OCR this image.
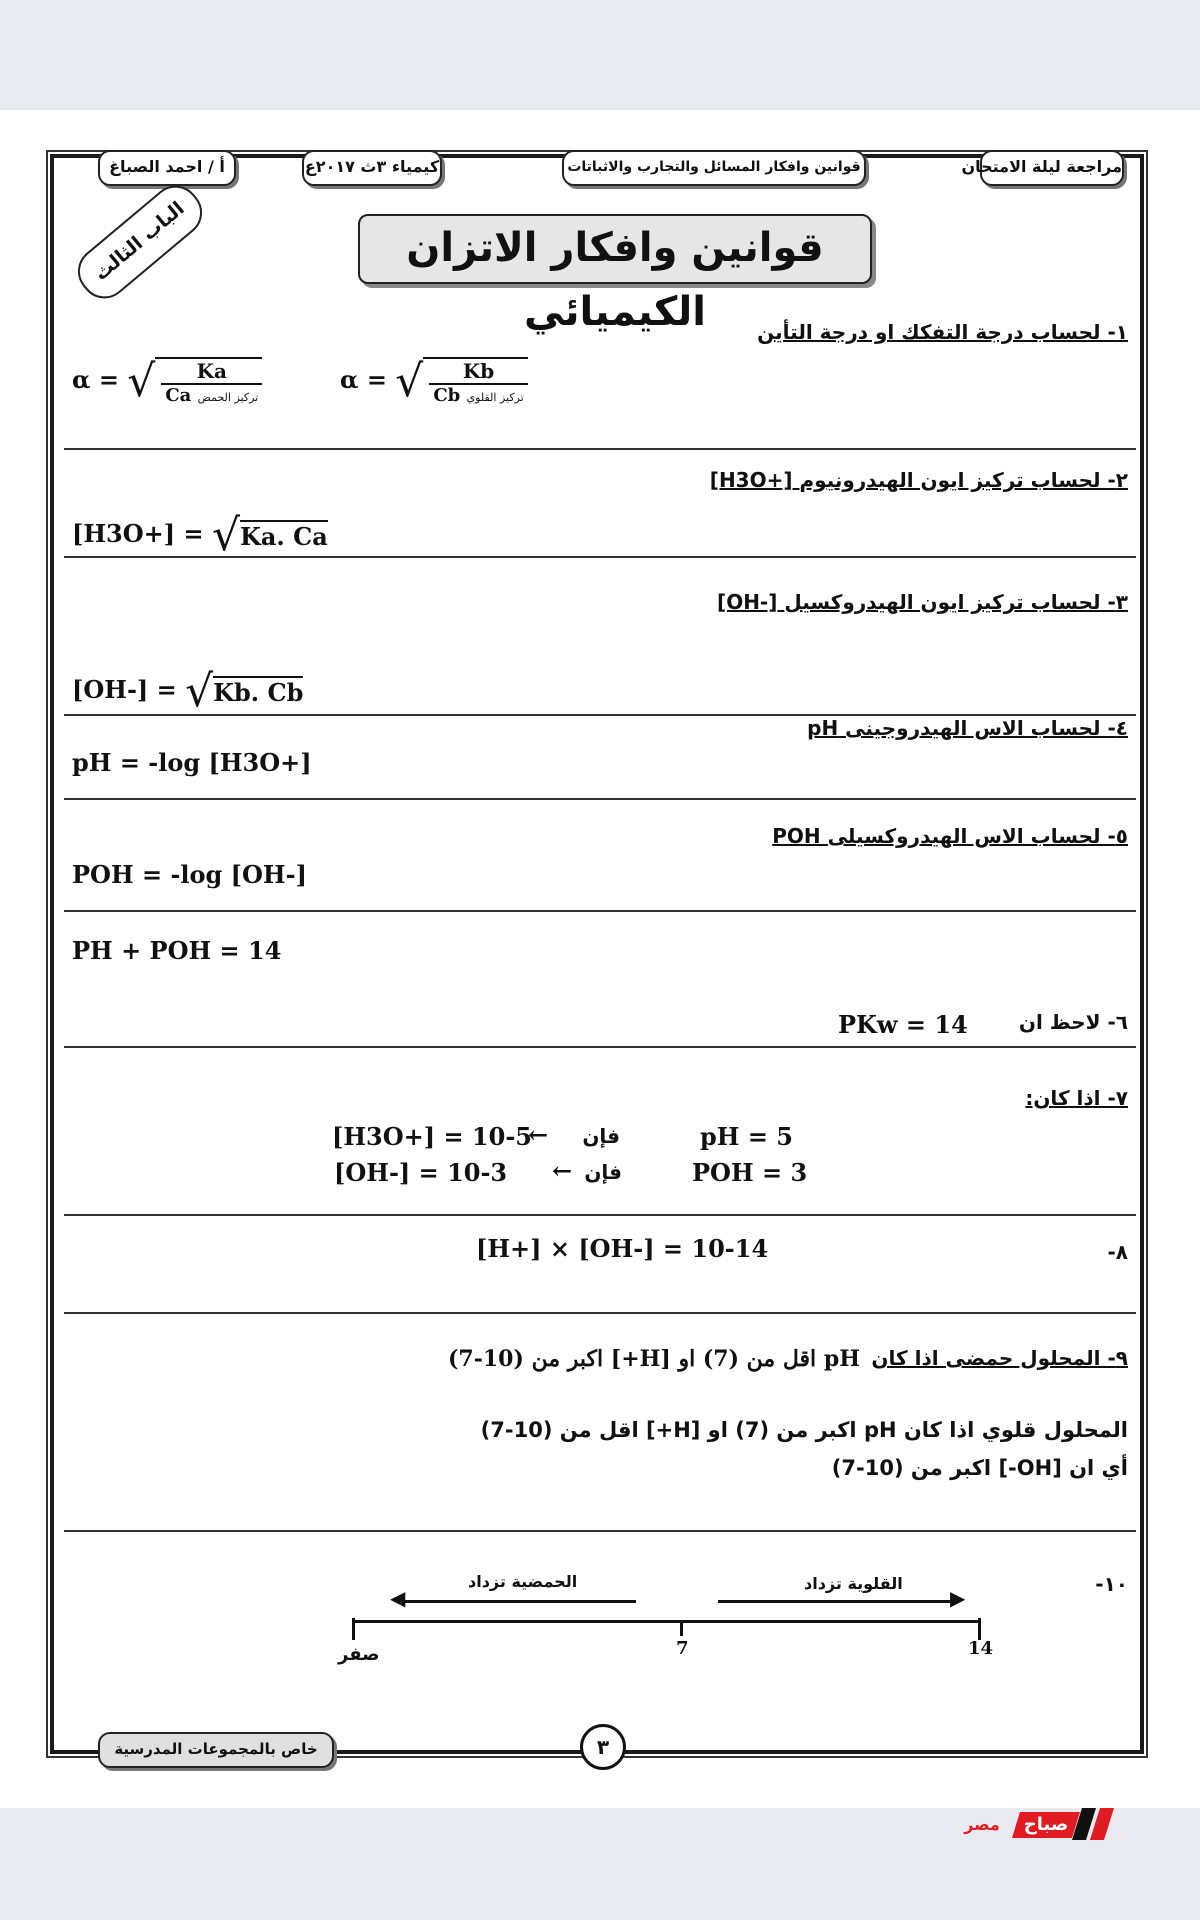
مراجعة ليلة الامتحان
قوانين وافكار المسائل والتجارب والاثباتات
كيمياء ٣ث ٢٠١٧ع
أ / احمد الصباغ
الباب الثالث	قوانين وافكار الاتزان الكيميائي	١- لحساب درجة التفكك او درجة التأين
α = √ $\frac{Ka}{\text{Ca تركيز الحمض}}$	α = √ $\frac{Kb}{\text{Cb تركيز القلوي}}$
٢- لحساب تركيز ايون الهيدرونيوم [H3O+]
[H3O+] = √Ka. Ca
٣- لحساب تركيز ايون الهيدروكسيل [OH-]
[OH-] = √Kb. Cb
٤- لحساب الاس الهيدروجينى pH
pH = -log [H3O+]
٥- لحساب الاس الهيدروكسيلى POH
POH = -log [OH-]
PH + POH = 14
٦- لاحظ ان
PKw = 14
٧- اذا كان:
[H3O+] = 10-5
← فإن	pH = 5
[OH-] = 10-3 ← فإن	POH = 3
٨-
[H+] × [OH-] = 10-14
٩- المحلول حمضى اذا كان
pH اقل من (7) او [H+] اكبر من (10-7)
المحلول قلوي اذا كان pH اكبر من (7) او [H+] اقل من (10-7)
أي ان [OH-] اكبر من (10-7)
١٠-
الحمضية تزداد	القلوية تزداد
◀	▶
صفر	7	14
خاص بالمجموعات المدرسية	٣
صباح
مصر
